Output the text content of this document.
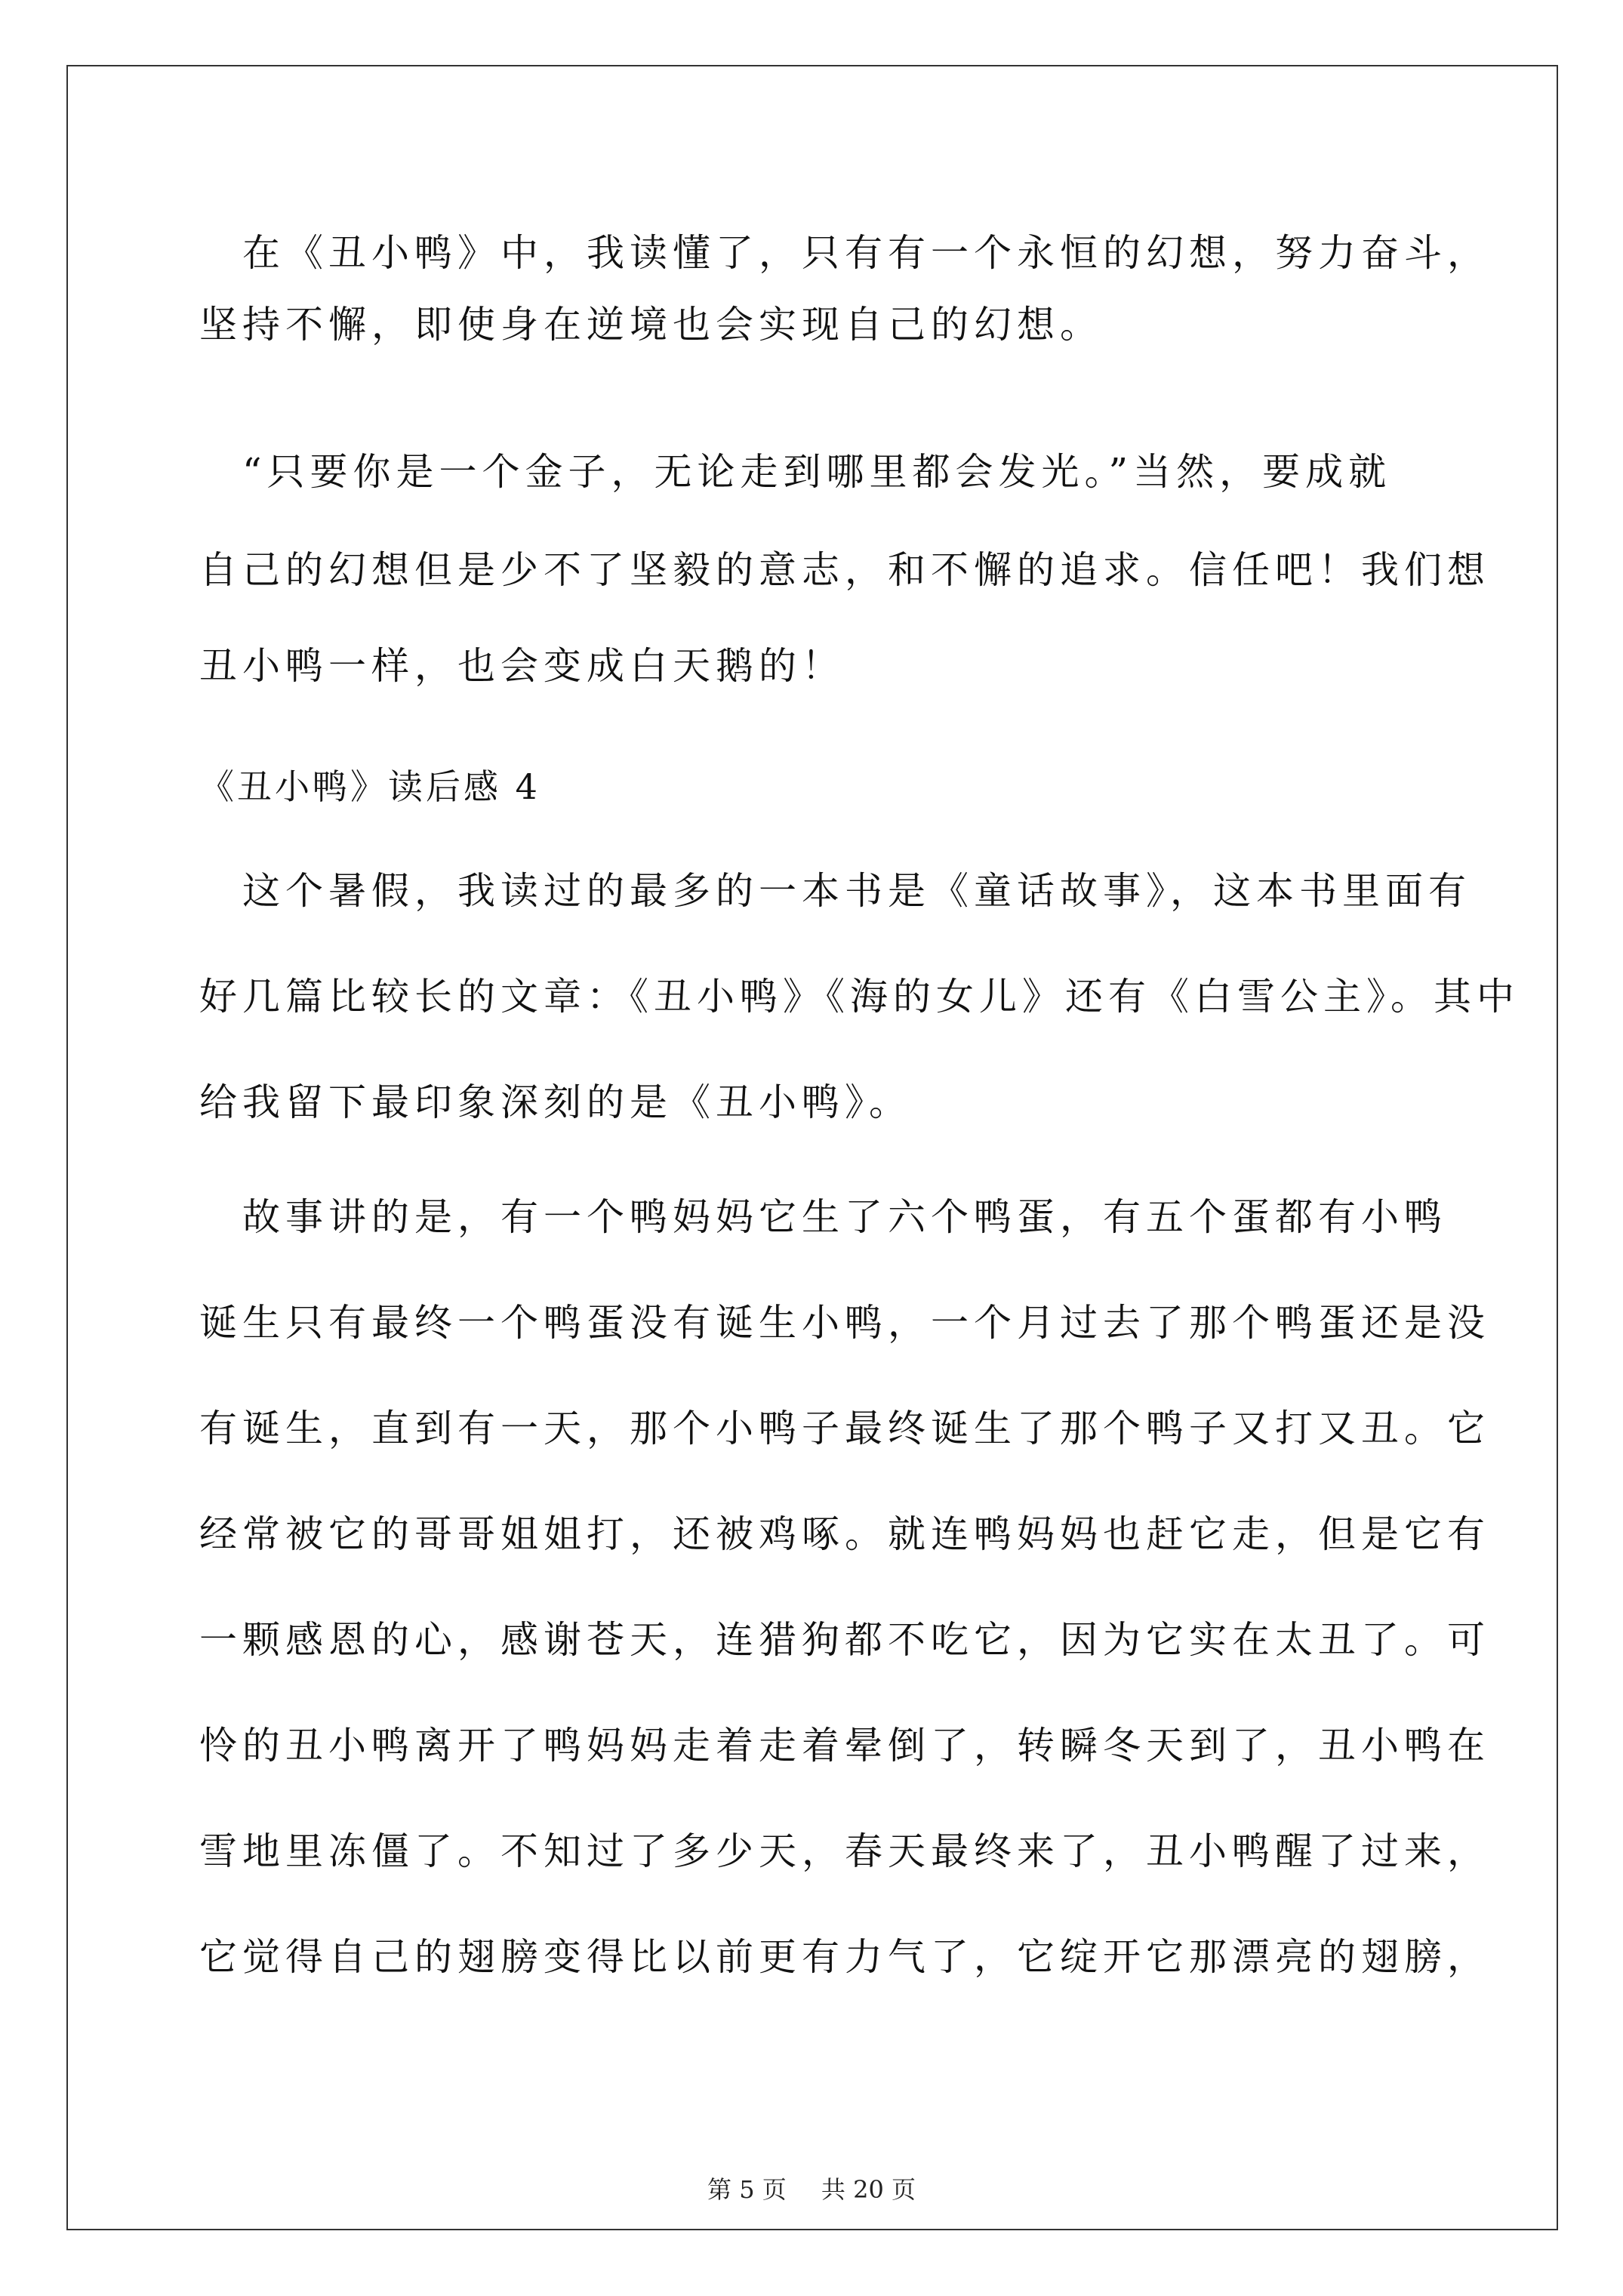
　在《丑小鸭》中，我读懂了，只有有一个永恒的幻想，努力奋斗，
坚持不懈，即使身在逆境也会实现自己的幻想。
　“只要你是一个金子，无论走到哪里都会发光。”当然，要成就
自己的幻想但是少不了坚毅的意志，和不懈的追求。信任吧！我们想
丑小鸭一样，也会变成白天鹅的！
《丑小鸭》读后感 4
　这个暑假，我读过的最多的一本书是《童话故事》，这本书里面有
好几篇比较长的文章：《丑小鸭》《海的女儿》还有《白雪公主》。其中
给我留下最印象深刻的是《丑小鸭》。
　故事讲的是，有一个鸭妈妈它生了六个鸭蛋，有五个蛋都有小鸭
诞生只有最终一个鸭蛋没有诞生小鸭，一个月过去了那个鸭蛋还是没
有诞生，直到有一天，那个小鸭子最终诞生了那个鸭子又打又丑。它
经常被它的哥哥姐姐打，还被鸡啄。就连鸭妈妈也赶它走，但是它有
一颗感恩的心，感谢苍天，连猎狗都不吃它，因为它实在太丑了。可
怜的丑小鸭离开了鸭妈妈走着走着晕倒了，转瞬冬天到了，丑小鸭在
雪地里冻僵了。不知过了多少天，春天最终来了，丑小鸭醒了过来，
它觉得自己的翅膀变得比以前更有力气了，它绽开它那漂亮的翅膀，
第 5 页 共 20 页
